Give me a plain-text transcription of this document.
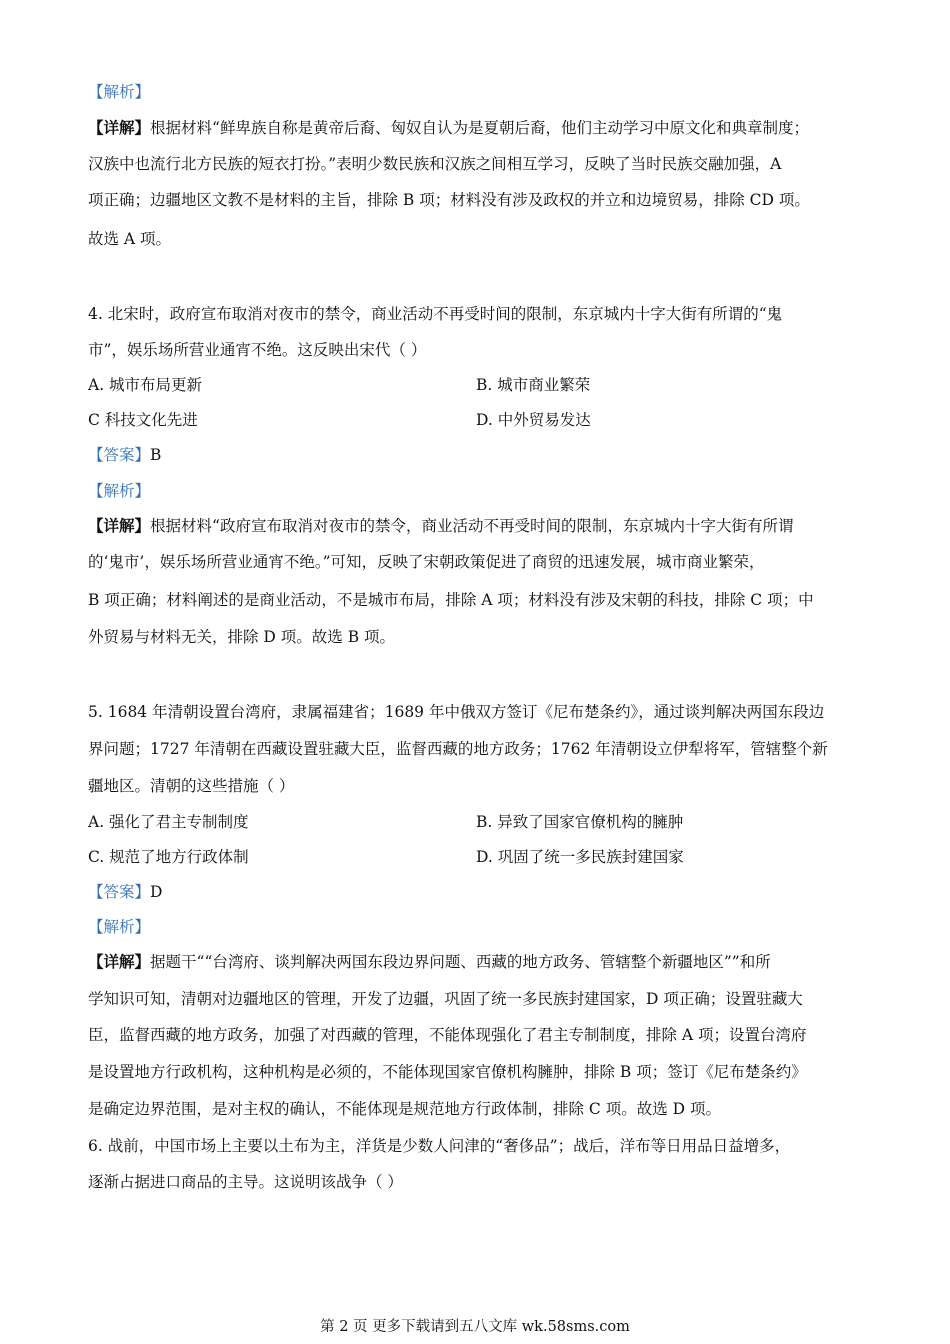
【解析】
【详解】根据材料“鲜卑族自称是黄帝后裔、匈奴自认为是夏朝后裔，他们主动学习中原文化和典章制度；
汉族中也流行北方民族的短衣打扮。”表明少数民族和汉族之间相互学习，反映了当时民族交融加强，A
项正确；边疆地区文教不是材料的主旨，排除 B 项；材料没有涉及政权的并立和边境贸易，排除 CD 项。
故选 A 项。
4. 北宋时，政府宣布取消对夜市的禁令，商业活动不再受时间的限制，东京城内十字大街有所谓的“鬼
市”，娱乐场所营业通宵不绝。这反映出宋代（ ）
A. 城市布局更新	B. 城市商业繁荣
C 科技文化先进	D. 中外贸易发达
【答案】B
【解析】
【详解】根据材料“政府宣布取消对夜市的禁令，商业活动不再受时间的限制，东京城内十字大街有所谓
的‘鬼市’，娱乐场所营业通宵不绝。”可知，反映了宋朝政策促进了商贸的迅速发展，城市商业繁荣，
B 项正确；材料阐述的是商业活动，不是城市布局，排除 A 项；材料没有涉及宋朝的科技，排除 C 项；中
外贸易与材料无关，排除 D 项。故选 B 项。
5. 1684 年清朝设置台湾府，隶属福建省；1689 年中俄双方签订《尼布楚条约》，通过谈判解决两国东段边
界问题；1727 年清朝在西藏设置驻藏大臣，监督西藏的地方政务；1762 年清朝设立伊犁将军，管辖整个新
疆地区。清朝的这些措施（ ）
A. 强化了君主专制制度	B. 异致了国家官僚机构的臃肿
C. 规范了地方行政体制	D. 巩固了统一多民族封建国家
【答案】D
【解析】
【详解】据题干““台湾府、谈判解决两国东段边界问题、西藏的地方政务、管辖整个新疆地区””和所
学知识可知，清朝对边疆地区的管理，开发了边疆，巩固了统一多民族封建国家，D 项正确；设置驻藏大
臣，监督西藏的地方政务，加强了对西藏的管理，不能体现强化了君主专制制度，排除 A 项；设置台湾府
是设置地方行政机构，这种机构是必须的，不能体现国家官僚机构臃肿，排除 B 项；签订《尼布楚条约》
是确定边界范围，是对主权的确认，不能体现是规范地方行政体制，排除 C 项。故选 D 项。
6. 战前，中国市场上主要以土布为主，洋货是少数人问津的“奢侈品”；战后，洋布等日用品日益增多，
逐渐占据进口商品的主导。这说明该战争（ ）
第 2 页 更多下载请到五八文库 wk.58sms.com
